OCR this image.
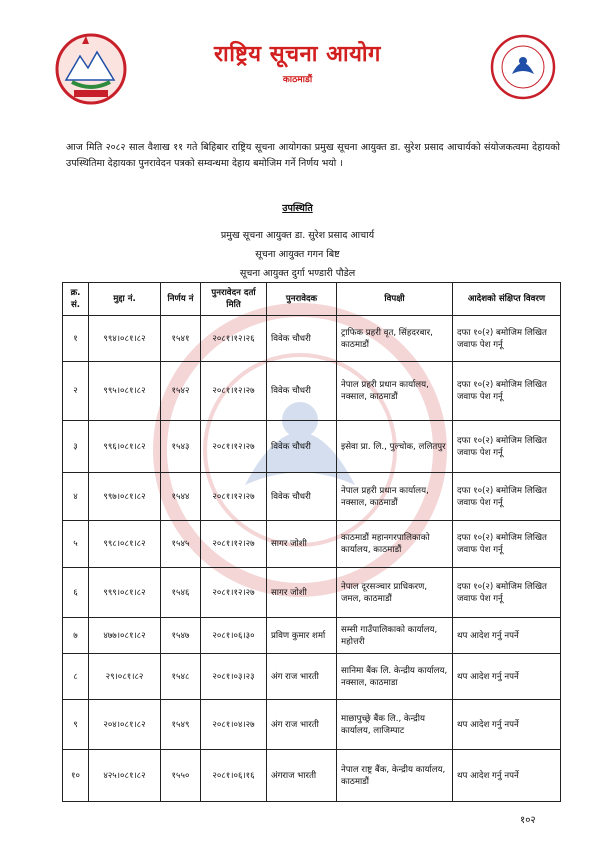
राष्ट्रिय सूचना आयोग
काठमाडौं
आज मिति २०८२ साल वैशाख ११ गते बिहिबार राष्ट्रिय सूचना आयोगका प्रमुख सूचना आयुक्त डा. सुरेश प्रसाद आचार्यको संयोजकत्वमा देहायको उपस्थितिमा देहायका पुनरावेदन पत्रको सम्वन्धमा देहाय बमोजिम गर्ने निर्णय भयो ।
उपस्थिति
प्रमुख सूचना आयुक्त डा. सुरेश प्रसाद आचार्य
सूचना आयुक्त गगन बिष्ट
सूचना आयुक्त दुर्गा भण्डारी पौडेल
क्र. सं.	मुद्दा नं.	निर्णय नं	पुनरावेदन दर्ता मिति	पुनरावेदक	विपक्षी	आदेशको संक्षिप्त विवरण
१	९९४।०८१।८२	१५४१	२०८१।१२।२६	विवेक चौधरी	ट्राफिक प्रहरी वृत, सिंहदरबार, काठमाडौं	दफा १०(२) बमोजिम लिखित जवाफ पेश गर्नू
२	९९५।०८१।८२	१५४२	२०८१।१२।२७	विवेक चौधरी	नेपाल प्रहरी प्रधान कार्यालय, नक्साल, काठमाडौं	दफा १०(२) बमोजिम लिखित जवाफ पेश गर्नू
३	९९६।०८१।८२	१५४३	२०८१।१२।२७	विवेक चौधरी	इसेवा प्रा. लि., पुल्चोक, ललितपुर	दफा १०(२) बमोजिम लिखित जवाफ पेश गर्नू
४	९९७।०८१।८२	१५४४	२०८१।१२।२७	विवेक चौधरी	नेपाल प्रहरी प्रधान कार्यालय, नक्साल, काठमाडौं	दफा १०(२) बमोजिम लिखित जवाफ पेश गर्नू
५	९९८।०८१।८२	१५४५	२०८१।१२।२७	सागर जोशी	काठमाडौं महानगरपालिकाको कार्यालय, काठमाडौं	दफा १०(२) बमोजिम लिखित जवाफ पेश गर्नू
६	९९९।०८१।८२	१५४६	२०८१।१२।२७	सागर जोशी	नेपाल दूरसञ्चार प्राधिकरण, जमल, काठमाडौं	दफा १०(२) बमोजिम लिखित जवाफ पेश गर्नू
७	४७७।०८१।८२	१५४७	२०८१।०६।३०	प्रविण कुमार शर्मा	सम्सी गाउँपालिकाको कार्यालय, महोत्तरी	थप आदेश गर्नु नपर्ने
८	२९।०८१।८२	१५४८	२०८१।०३।२३	अंग राज भारती	सानिमा बैंक लि. केन्द्रीय कार्यालय, नक्साल, काठमाडा	थप आदेश गर्नु नपर्ने
९	२०४।०८१।८२	१५४९	२०८१।०४।२७	अंग राज भारती	माछापुच्छ्रे बैंक लि., केन्द्रीय कार्यालय, लाजिम्पाट	थप आदेश गर्नु नपर्ने
१०	४२५।०८१।८२	१५५०	२०८१।०६।१६	अंगराज भारती	नेपाल राष्ट्र बैंक, केन्द्रीय कार्यालय, काठमाडौं	थप आदेश गर्नु नपर्ने
१०२
